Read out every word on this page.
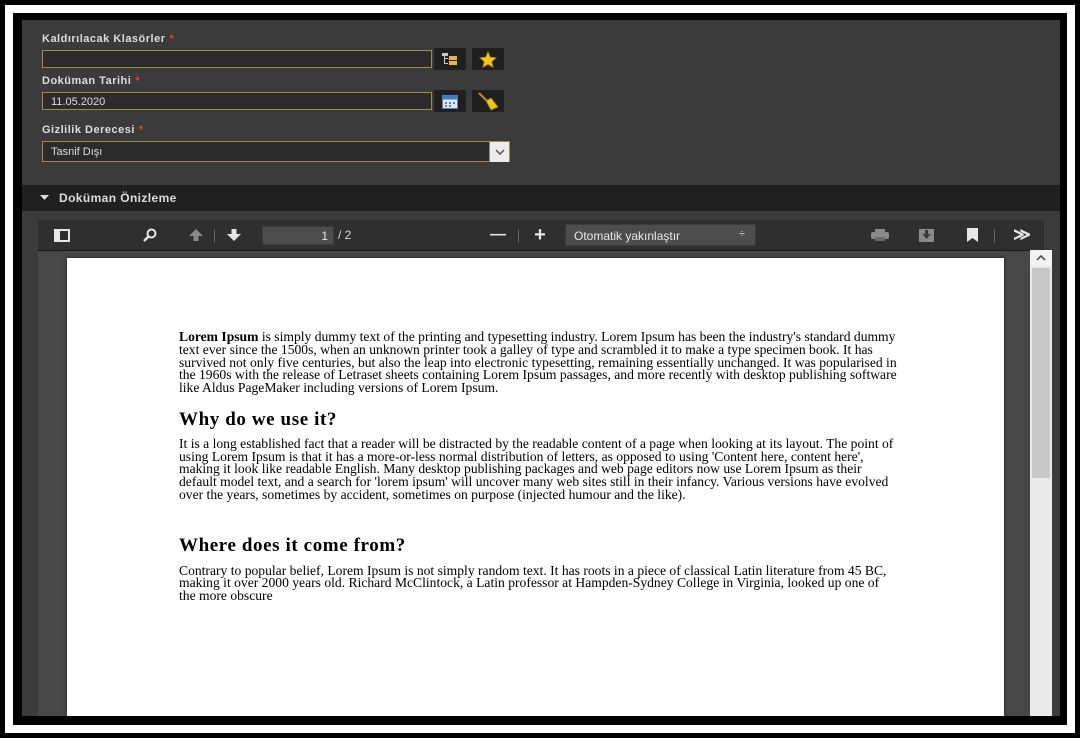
Kaldırılacak Klasörler *
Doküman Tarihi *
11.05.2020
Gizlilik Derecesi *
Tasnif Dışı
Doküman Önizleme
1 / 2	—	+	Otomatik yakınlaştır	÷	≫

Lorem Ipsum is simply dummy text of the printing and typesetting industry. Lorem Ipsum has been the industry's standard dummy text ever since the 1500s, when an unknown printer took a galley of type and scrambled it to make a type specimen book. It has survived not only five centuries, but also the leap into electronic typesetting, remaining essentially unchanged. It was popularised in the 1960s with the release of Letraset sheets containing Lorem Ipsum passages, and more recently with desktop publishing software like Aldus PageMaker including versions of Lorem Ipsum.

Why do we use it?

It is a long established fact that a reader will be distracted by the readable content of a page when looking at its layout. The point of using Lorem Ipsum is that it has a more-or-less normal distribution of letters, as opposed to using 'Content here, content here', making it look like readable English. Many desktop publishing packages and web page editors now use Lorem Ipsum as their default model text, and a search for 'lorem ipsum' will uncover many web sites still in their infancy. Various versions have evolved over the years, sometimes by accident, sometimes on purpose (injected humour and the like).

Where does it come from?

Contrary to popular belief, Lorem Ipsum is not simply random text. It has roots in a piece of classical Latin literature from 45 BC, making it over 2000 years old. Richard McClintock, a Latin professor at Hampden-Sydney College in Virginia, looked up one of the more obscure
